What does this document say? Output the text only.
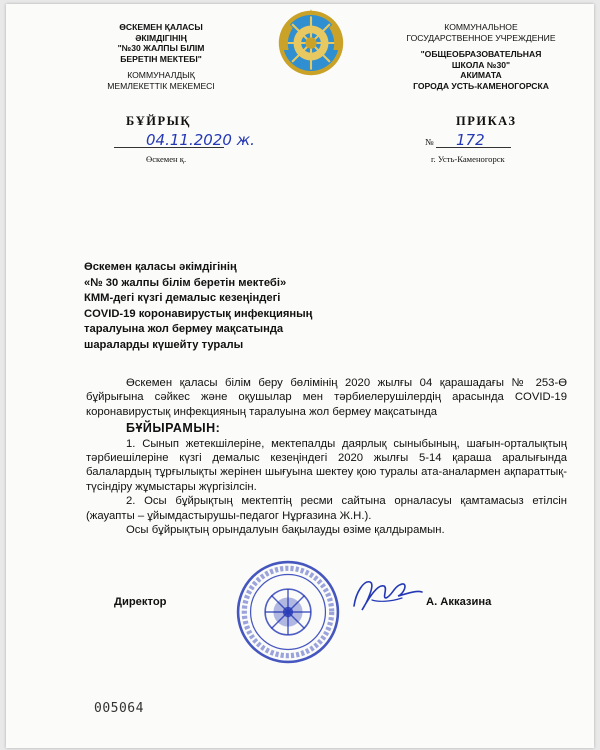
ӨСКЕМЕН ҚАЛАСЫ
ӘКІМДІГІНІҢ
"№30 ЖАЛПЫ БІЛІМ
БЕРЕТІН МЕКТЕБІ"
КОММУНАЛДЫҚ
МЕМЛЕКЕТТІК МЕКЕМЕСІ
КОММУНАЛЬНОЕ
ГОСУДАРСТВЕННОЕ УЧРЕЖДЕНИЕ
"ОБЩЕОБРАЗОВАТЕЛЬНАЯ
ШКОЛА №30"
АКИМАТА
ГОРОДА УСТЬ-КАМЕНОГОРСКА
БҰЙРЫҚ	ПРИКАЗ
04.11.2020 ж.
Өскемен қ.
№ 172
г. Усть-Каменогорск
Өскемен қаласы әкімдігінің
«№ 30 жалпы білім беретін мектебі»
КММ-дегі күзгі демалыс кезеңіндегі
COVID-19 коронавирустық инфекцияның
таралуына жол бермеу мақсатында
шараларды күшейту туралы

Өскемен қаласы білім беру бөлімінің 2020 жылғы 04 қарашадағы № 253-Ө бұйрығына сәйкес және оқушылар мен тәрбиелерушілердің арасында COVID-19 коронавирустық инфекцияның таралуына жол бермеу мақсатында

БҰЙЫРАМЫН:

1. Сынып жетекшілеріне, мектепалды даярлық сыныбының, шағын-орталықтың тәрбиешілеріне күзгі демалыс кезеңіндегі 2020 жылғы 5-14 қараша аралығында балалардың тұрғылықты жерінен шығуына шектеу қою туралы ата-аналармен ақпараттық-түсіндіру жұмыстары жүргізілсін.

2. Осы бұйрықтың мектептің ресми сайтына орналасуы қамтамасыз етілсін (жауапты – ұйымдастырушы-педагог Нұрғазина Ж.Н.).

Осы бұйрықтың орындалуын бақылауды өзіме қалдырамын.

Директор	А. Акказина
005064
